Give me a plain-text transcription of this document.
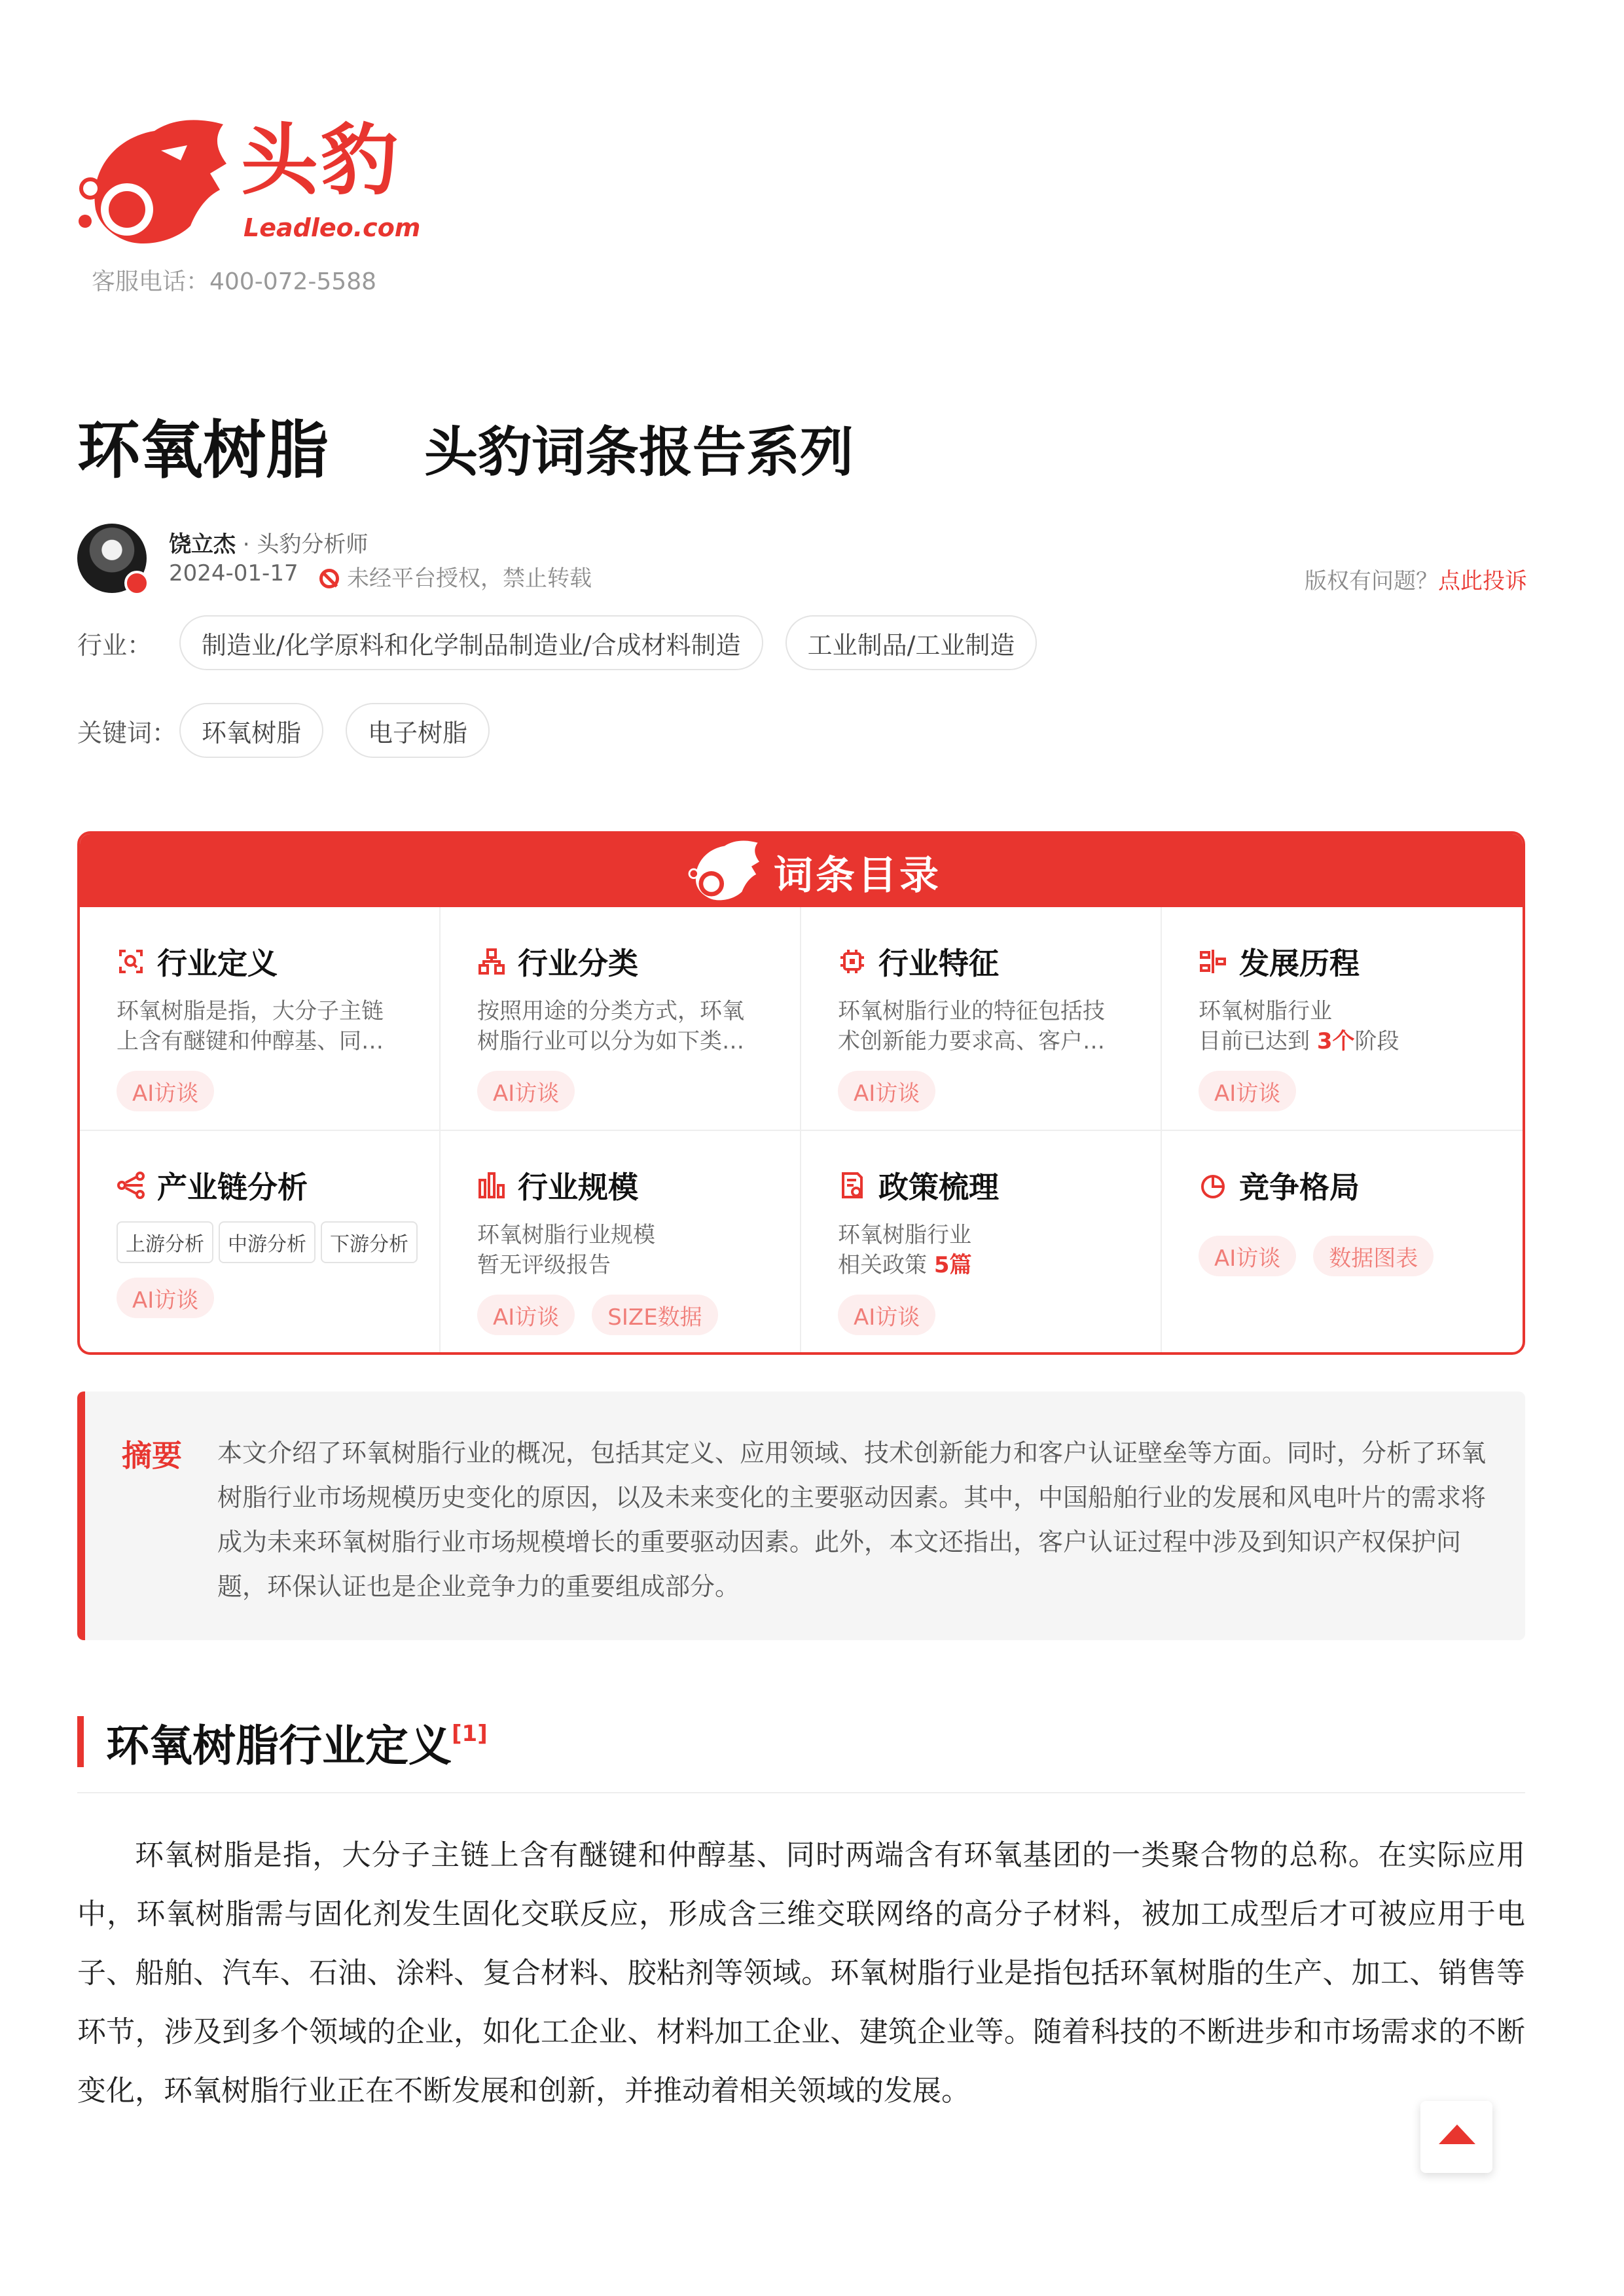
头豹
Leadleo.com
客服电话：400-072-5588
环氧树脂 头豹词条报告系列
饶立杰 · 头豹分析师
2024-01-17	未经平台授权，禁止转载	版权有问题？点此投诉
行业：	制造业/化学原料和化学制品制造业/合成材料制造	工业制品/工业制造
关键词： 环氧树脂	电子树脂
词条目录
行业定义
环氧树脂是指，大分子主链上含有醚键和仲醇基、同…
AI访谈
行业分类
按照用途的分类方式，环氧树脂行业可以分为如下类…
AI访谈
行业特征
环氧树脂行业的特征包括技术创新能力要求高、客户…
AI访谈
发展历程
环氧树脂行业
目前已达到 3个阶段
AI访谈
产业链分析
上游分析	中游分析	下游分析
AI访谈
行业规模
环氧树脂行业规模
暂无评级报告
AI访谈	SIZE数据
政策梳理
环氧树脂行业
相关政策 5篇
AI访谈
竞争格局
AI访谈	数据图表
摘要 本文介绍了环氧树脂行业的概况，包括其定义、应用领域、技术创新能力和客户认证壁垒等方面。同时，分析了环氧树脂行业市场规模历史变化的原因，以及未来变化的主要驱动因素。其中，中国船舶行业的发展和风电叶片的需求将成为未来环氧树脂行业市场规模增长的重要驱动因素。此外，本文还指出，客户认证过程中涉及到知识产权保护问题，环保认证也是企业竞争力的重要组成部分。
环氧树脂行业定义[1]
环氧树脂是指，大分子主链上含有醚键和仲醇基、同时两端含有环氧基团的一类聚合物的总称。在实际应用中，环氧树脂需与固化剂发生固化交联反应，形成含三维交联网络的高分子材料，被加工成型后才可被应用于电子、船舶、汽车、石油、涂料、复合材料、胶粘剂等领域。环氧树脂行业是指包括环氧树脂的生产、加工、销售等环节，涉及到多个领域的企业，如化工企业、材料加工企业、建筑企业等。随着科技的不断进步和市场需求的不断变化，环氧树脂行业正在不断发展和创新，并推动着相关领域的发展。
